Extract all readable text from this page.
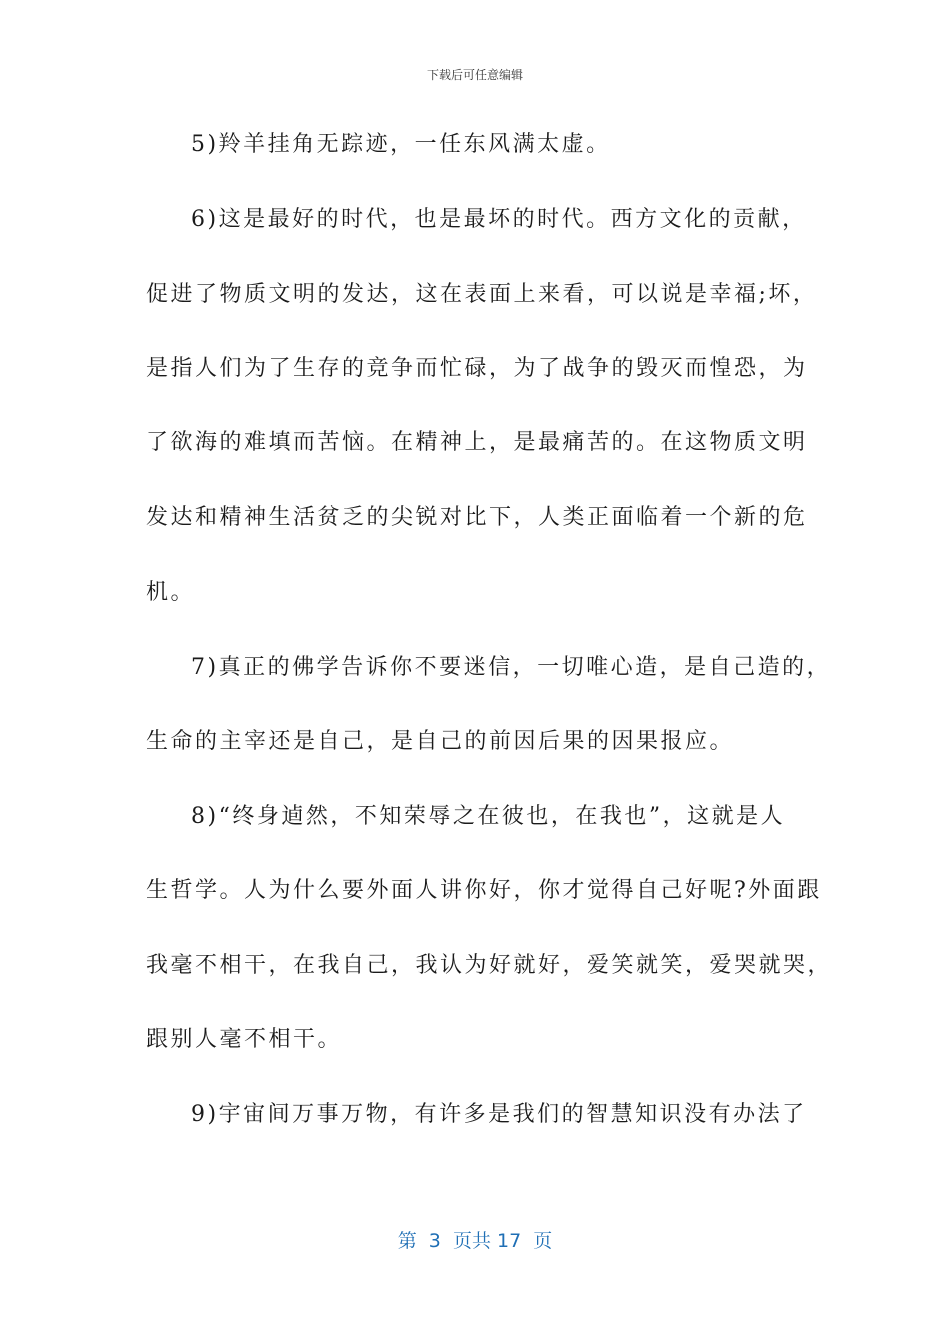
下载后可任意编辑
5)羚羊挂角无踪迹，一任东风满太虚。
6)这是最好的时代，也是最坏的时代。西方文化的贡献，
促进了物质文明的发达，这在表面上来看，可以说是幸福;坏，
是指人们为了生存的竞争而忙碌，为了战争的毁灭而惶恐，为
了欲海的难填而苦恼。在精神上，是最痛苦的。在这物质文明
发达和精神生活贫乏的尖锐对比下，人类正面临着一个新的危
机。
7)真正的佛学告诉你不要迷信，一切唯心造，是自己造的，
生命的主宰还是自己，是自己的前因后果的因果报应。
8)“终身逌然，不知荣辱之在彼也，在我也”，这就是人
生哲学。人为什么要外面人讲你好，你才觉得自己好呢?外面跟
我毫不相干，在我自己，我认为好就好，爱笑就笑，爱哭就哭，
跟别人毫不相干。
9)宇宙间万事万物，有许多是我们的智慧知识没有办法了
第  3  页共 17  页
